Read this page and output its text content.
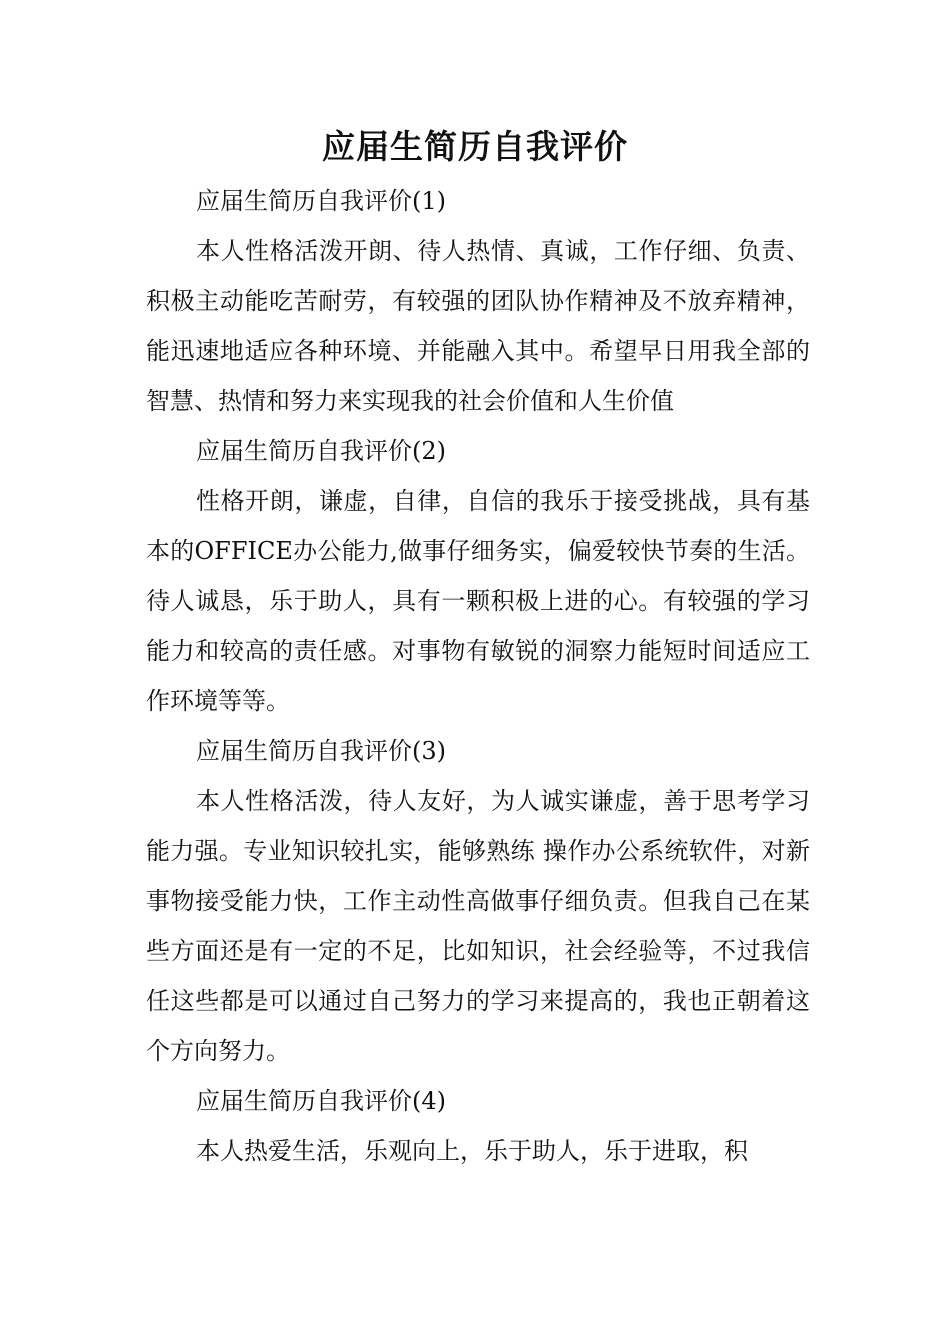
应届生简历自我评价
应届生简历自我评价(1)

本人性格活泼开朗、待人热情、真诚，工作仔细、负责、积极主动能吃苦耐劳，有较强的团队协作精神及不放弃精神，能迅速地适应各种环境、并能融入其中。希望早日用我全部的智慧、热情和努力来实现我的社会价值和人生价值

应届生简历自我评价(2)

性格开朗，谦虚，自律，自信的我乐于接受挑战，具有基本的OFFICE办公能力,做事仔细务实，偏爱较快节奏的生活。待人诚恳，乐于助人，具有一颗积极上进的心。有较强的学习能力和较高的责任感。对事物有敏锐的洞察力能短时间适应工作环境等等。

应届生简历自我评价(3)

本人性格活泼，待人友好，为人诚实谦虚，善于思考学习能力强。专业知识较扎实，能够熟练 操作办公系统软件，对新事物接受能力快，工作主动性高做事仔细负责。但我自己在某些方面还是有一定的不足，比如知识，社会经验等，不过我信任这些都是可以通过自己努力的学习来提高的，我也正朝着这个方向努力。

应届生简历自我评价(4)

本人热爱生活，乐观向上，乐于助人，乐于进取，积
